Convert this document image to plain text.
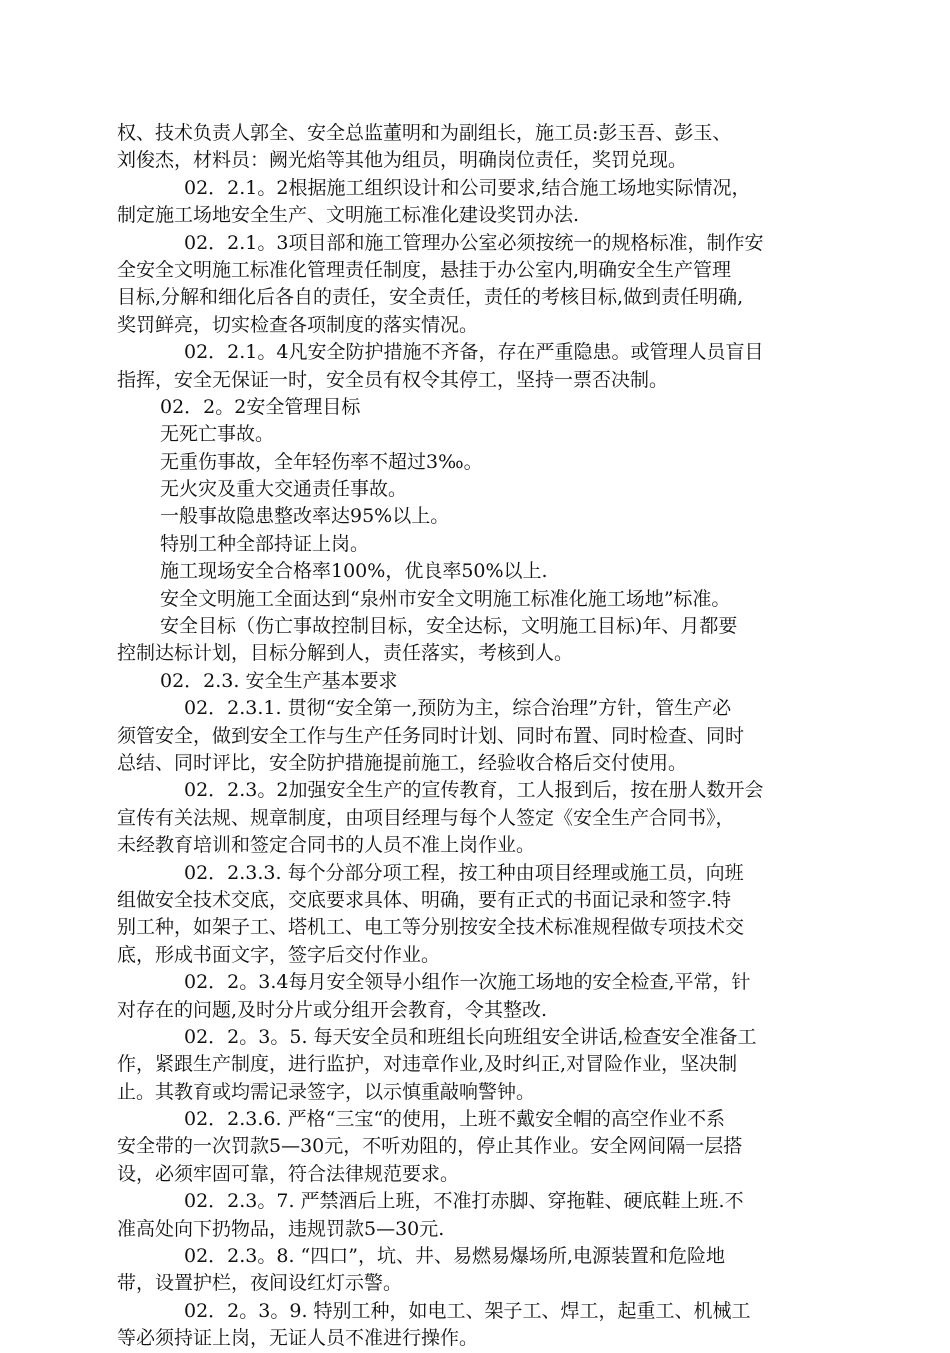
权、技术负责人郭全、安全总监董明和为副组长，施工员:彭玉吾、彭玉、
刘俊杰，材料员：阙光焰等其他为组员，明确岗位责任，奖罚兑现。
02．2.1。2根据施工组织设计和公司要求,结合施工场地实际情况，
制定施工场地安全生产、文明施工标准化建设奖罚办法.
02．2.1。3项目部和施工管理办公室必须按统一的规格标准，制作安
全安全文明施工标准化管理责任制度，悬挂于办公室内,明确安全生产管理
目标,分解和细化后各自的责任，安全责任，责任的考核目标,做到责任明确,
奖罚鲜亮，切实检查各项制度的落实情况。
02．2.1。4凡安全防护措施不齐备，存在严重隐患。或管理人员盲目
指挥，安全无保证一时，安全员有权令其停工，坚持一票否决制。
02．2。2安全管理目标
无死亡事故。
无重伤事故，全年轻伤率不超过3‰。
无火灾及重大交通责任事故。
一般事故隐患整改率达95%以上。
特别工种全部持证上岗。
施工现场安全合格率100%，优良率50%以上.
安全文明施工全面达到“泉州市安全文明施工标准化施工场地”标准。
安全目标（伤亡事故控制目标，安全达标，文明施工目标)年、月都要
控制达标计划，目标分解到人，责任落实，考核到人。
02．2.3. 安全生产基本要求
02．2.3.1. 贯彻“安全第一,预防为主，综合治理”方针，管生产必
须管安全，做到安全工作与生产任务同时计划、同时布置、同时检查、同时
总结、同时评比，安全防护措施提前施工，经验收合格后交付使用。
02．2.3。2加强安全生产的宣传教育，工人报到后，按在册人数开会
宣传有关法规、规章制度，由项目经理与每个人签定《安全生产合同书》，
未经教育培训和签定合同书的人员不准上岗作业。
02．2.3.3. 每个分部分项工程，按工种由项目经理或施工员，向班
组做安全技术交底，交底要求具体、明确，要有正式的书面记录和签字.特
别工种，如架子工、塔机工、电工等分别按安全技术标准规程做专项技术交
底，形成书面文字，签字后交付作业。
02．2。3.4每月安全领导小组作一次施工场地的安全检查,平常，针
对存在的问题,及时分片或分组开会教育，令其整改.
02．2。3。5. 每天安全员和班组长向班组安全讲话,检查安全准备工
作，紧跟生产制度，进行监护，对违章作业,及时纠正,对冒险作业，坚决制
止。其教育或均需记录签字，以示慎重敲响警钟。
02．2.3.6. 严格“三宝“的使用，上班不戴安全帽的高空作业不系
安全带的一次罚款5—30元，不听劝阻的，停止其作业。安全网间隔一层搭
设，必须牢固可靠，符合法律规范要求。
02．2.3。7. 严禁酒后上班，不准打赤脚、穿拖鞋、硬底鞋上班.不
准高处向下扔物品，违规罚款5—30元.
02．2.3。8. “四口”，坑、井、易燃易爆场所,电源装置和危险地
带，设置护栏，夜间设红灯示警。
02．2。3。9. 特别工种，如电工、架子工、焊工，起重工、机械工
等必须持证上岗，无证人员不准进行操作。
